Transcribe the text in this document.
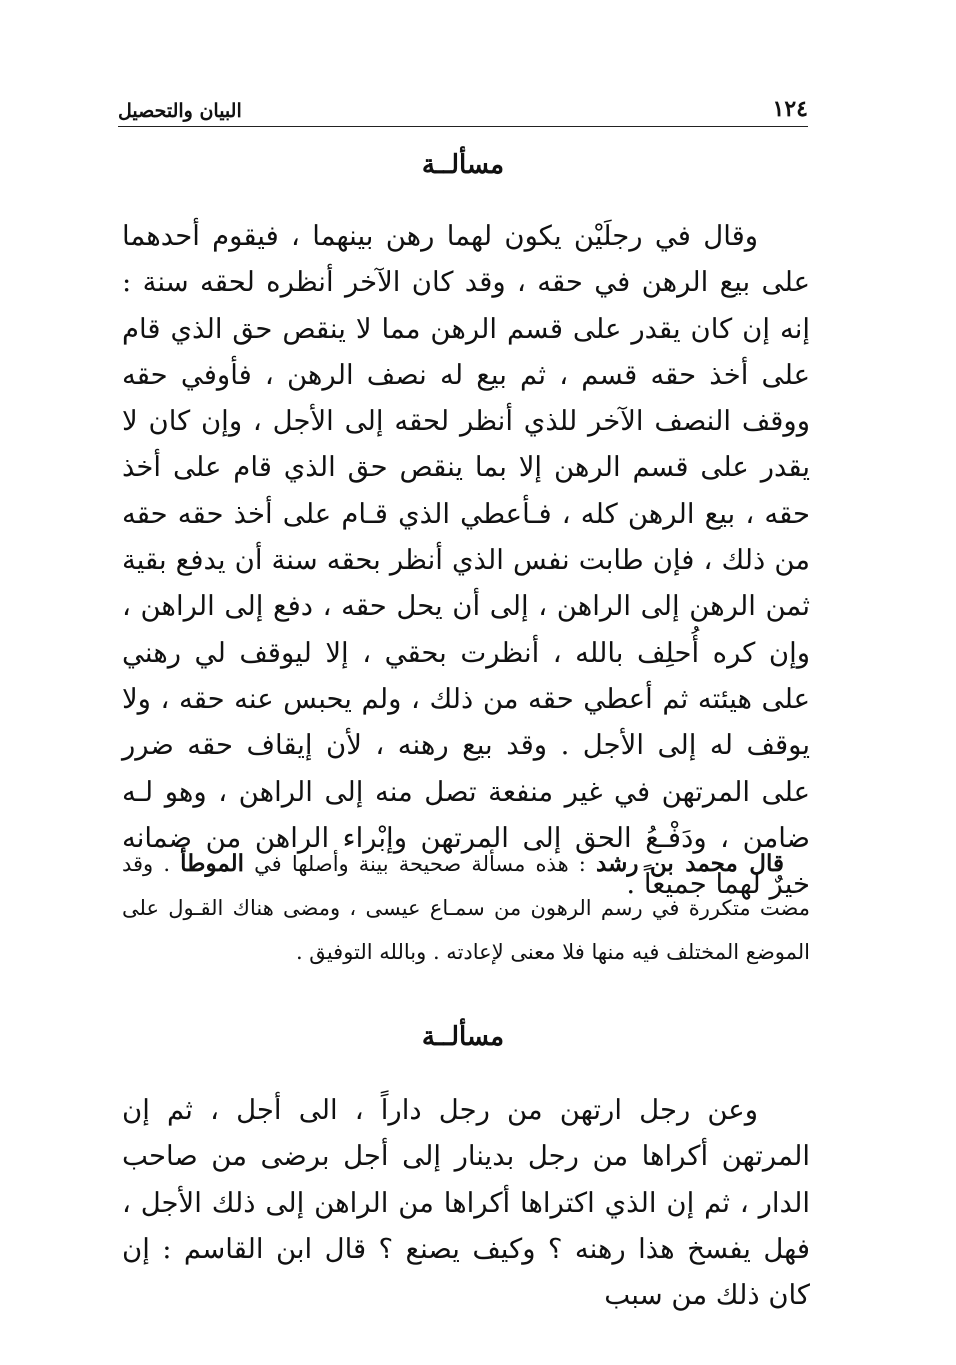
١٢٤
البيان والتحصيل
مسألــة

وقال في رجلَيْن يكون لهما رهن بينهما ، فيقوم أحدهما على بيع الرهن في حقه ، وقد كان الآخر أنظره لحقه سنة : إنه إن كان يقدر على قسم الرهن مما لا ينقص حق الذي قام على أخذ حقه قسم ، ثم بيع له نصف الرهن ، فأوفي حقه ووقف النصف الآخر للذي أنظر لحقه إلى الأجل ، وإن كان لا يقدر على قسم الرهن إلا بما ينقص حق الذي قام على أخذ حقه ، بيع الرهن كله ، فـأعطي الذي قـام على أخذ حقه حقه من ذلك ، فإن طابت نفس الذي أنظر بحقه سنة أن يدفع بقية ثمن الرهن إلى الراهن ، إلى أن يحل حقه ، دفع إلى الراهن ، وإن كره أُحلِف بالله ، أنظرت بحقي ، إلا ليوقف لي رهني على هيئته ثم أعطي حقه من ذلك ، ولم يحبس عنه حقه ، ولا يوقف له إلى الأجل . وقد بيع رهنه ، لأن إيقاف حقه ضرر على المرتهن في غير منفعة تصل منه إلى الراهن ، وهو لـه ضامن ، ودَفْـعُ الحق إلى المرتهن وإبْراء الراهن من ضمانه خيرٌ لهما جميعاً .

قال محمد بن رشد : هذه مسألة صحيحة بينة وأصلها في الموطأ . وقد مضت متكررة في رسم الرهون من سمـاع عيسى ، ومضى هناك القـول على الموضع المختلف فيه منها فلا معنى لإعادته . وبالله التوفيق .

مسألــة

وعن رجل ارتهن من رجل داراً ، الى أجل ، ثم إن المرتهن أكراها من رجل بدينار إلى أجل برضى من صاحب الدار ، ثم إن الذي اكتراها أكراها من الراهن إلى ذلك الأجل ، فهل يفسخ هذا رهنه ؟ وكيف يصنع ؟ قال ابن القاسم : إن كان ذلك من سبب
